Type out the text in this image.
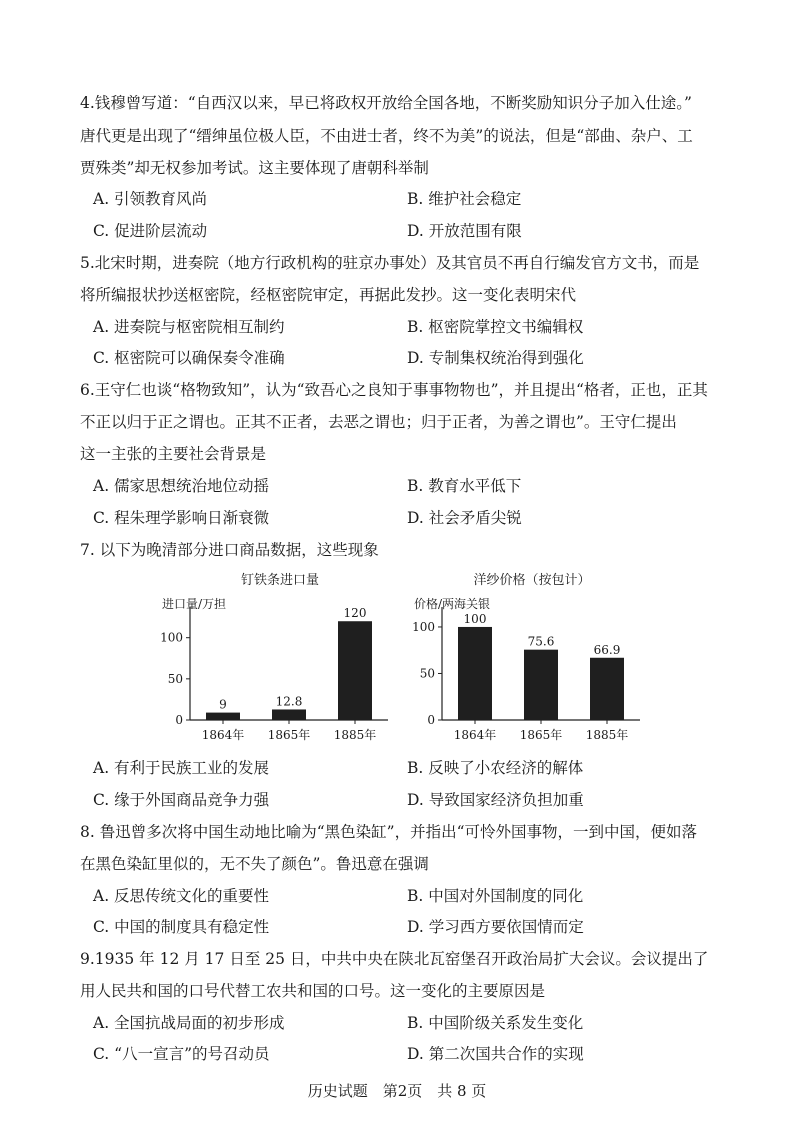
4.钱穆曾写道：“自西汉以来，早已将政权开放给全国各地，不断奖励知识分子加入仕途。”
唐代更是出现了“缙绅虽位极人臣，不由进士者，终不为美”的说法，但是“部曲、杂户、工
贾殊类”却无权参加考试。这主要体现了唐朝科举制
A. 引领教育风尚	B. 维护社会稳定
C. 促进阶层流动	D. 开放范围有限
5.北宋时期，进奏院（地方行政机构的驻京办事处）及其官员不再自行编发官方文书，而是
将所编报状抄送枢密院，经枢密院审定，再据此发抄。这一变化表明宋代
A. 进奏院与枢密院相互制约	B. 枢密院掌控文书编辑权
C. 枢密院可以确保奏令准确	D. 专制集权统治得到强化
6.王守仁也谈“格物致知”，认为“致吾心之良知于事事物物也”，并且提出“格者，正也，正其
不正以归于正之谓也。正其不正者，去恶之谓也；归于正者，为善之谓也”。王守仁提出
这一主张的主要社会背景是
A. 儒家思想统治地位动摇	B. 教育水平低下
C. 程朱理学影响日渐衰微	D. 社会矛盾尖锐
7. 以下为晚清部分进口商品数据，这些现象
钉铁条进口量
进口量/万担
0
50
100
9
1864年
12.8
1865年
120
1885年
洋纱价格（按包计）
价格/两海关银
0
50
100
100
1864年
75.6
1865年
66.9
1885年
A. 有利于民族工业的发展	B. 反映了小农经济的解体
C. 缘于外国商品竞争力强	D. 导致国家经济负担加重
8. 鲁迅曾多次将中国生动地比喻为“黑色染缸”，并指出“可怜外国事物，一到中国，便如落
在黑色染缸里似的，无不失了颜色”。鲁迅意在强调
A. 反思传统文化的重要性	B. 中国对外国制度的同化
C. 中国的制度具有稳定性	D. 学习西方要依国情而定
9.1935 年 12 月 17 日至 25 日，中共中央在陕北瓦窑堡召开政治局扩大会议。会议提出了
用人民共和国的口号代替工农共和国的口号。这一变化的主要原因是
A. 全国抗战局面的初步形成	B. 中国阶级关系发生变化
C. “八一宣言”的号召动员	D. 第二次国共合作的实现
历史试题　第2页　共 8 页
